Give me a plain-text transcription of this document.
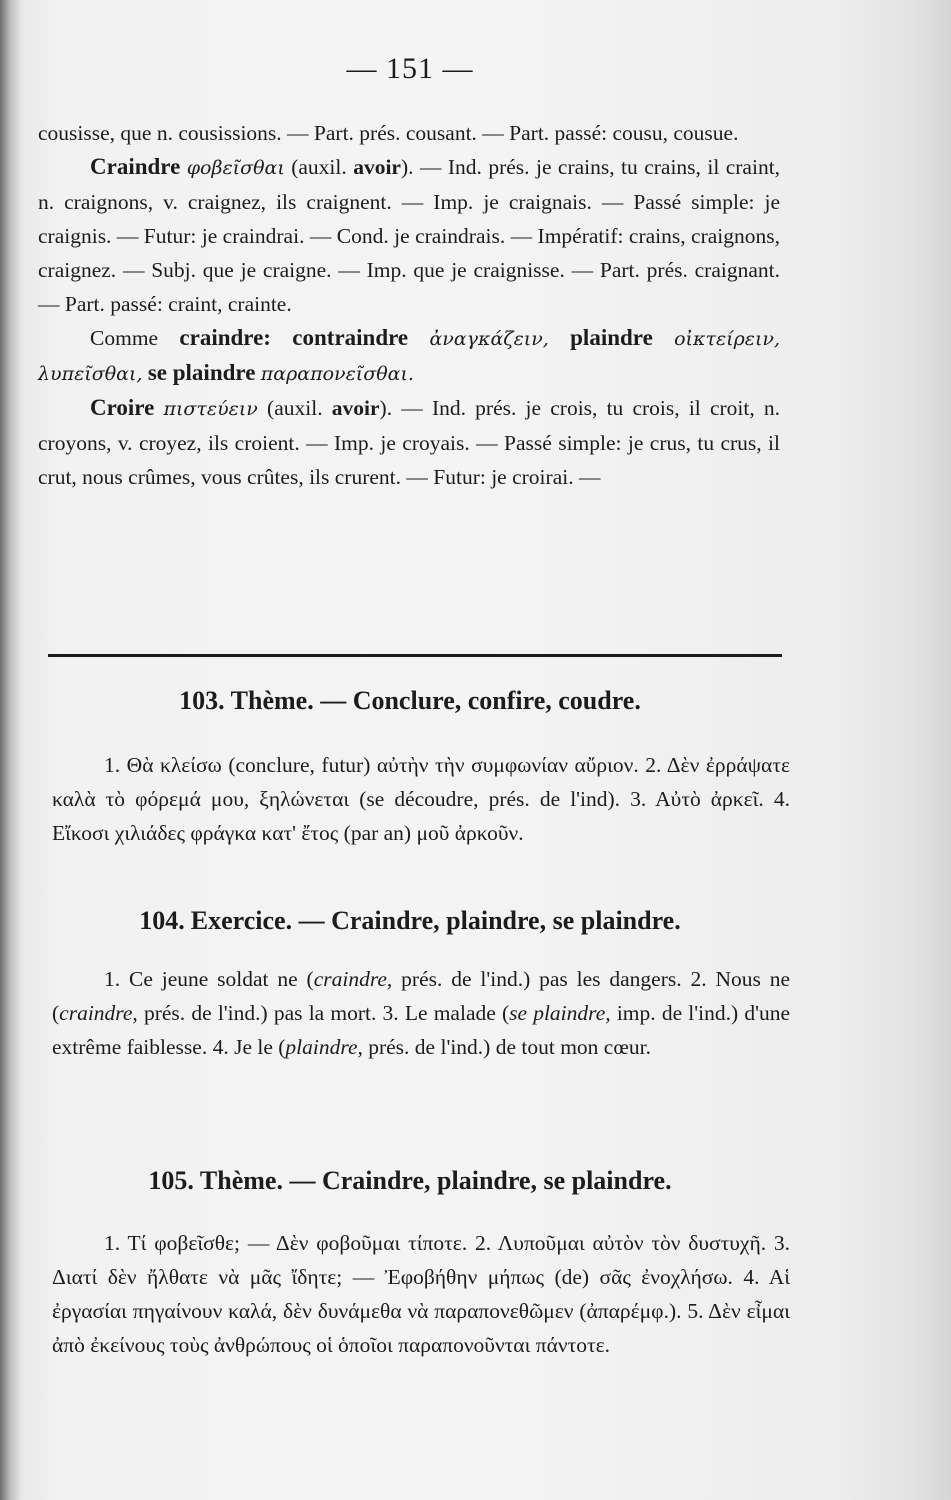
— 151 —

cousisse, que n. cousissions. — Part. prés. cousant. — Part. passé: cousu, cousue.

Craindre φοβεῖσθαι (auxil. avoir). — Ind. prés. je crains, tu crains, il craint, n. craignons, v. craignez, ils craignent. — Imp. je craignais. — Passé simple: je craignis. — Futur: je craindrai. — Cond. je craindrais. — Impératif: crains, craignons, craignez. — Subj. que je craigne. — Imp. que je craignisse. — Part. prés. craignant. — Part. passé: craint, crainte.

Comme craindre: contraindre ἀναγκάζειν, plaindre οἰκτείρειν, λυπεῖσθαι, se plaindre παραπονεῖσθαι.

Croire πιστεύειν (auxil. avoir). — Ind. prés. je crois, tu crois, il croit, n. croyons, v. croyez, ils croient. — Imp. je croyais. — Passé simple: je crus, tu crus, il crut, nous crûmes, vous crûtes, ils crurent. — Futur: je croirai. —

103. Thème. — Conclure, confire, coudre.

1. Θὰ κλείσω (conclure, futur) αὐτὴν τὴν συμφωνίαν αὔριον. 2. Δὲν ἐρράψατε καλὰ τὸ φόρεμά μου, ξηλώνεται (se découdre, prés. de l'ind). 3. Αὐτὸ ἀρκεῖ. 4. Εἴκοσι χιλιάδες φράγκα κατ' ἔτος (par an) μοῦ ἀρκοῦν.

104. Exercice. — Craindre, plaindre, se plaindre.

1. Ce jeune soldat ne (craindre, prés. de l'ind.) pas les dangers. 2. Nous ne (craindre, prés. de l'ind.) pas la mort. 3. Le malade (se plaindre, imp. de l'ind.) d'une extrême faiblesse. 4. Je le (plaindre, prés. de l'ind.) de tout mon cœur.

105. Thème. — Craindre, plaindre, se plaindre.

1. Τί φοβεῖσθε; — Δὲν φοβοῦμαι τίποτε. 2. Λυποῦμαι αὐτὸν τὸν δυστυχῆ. 3. Διατί δὲν ἤλθατε νὰ μᾶς ἴδητε; — Ἐφοβήθην μήπως (de) σᾶς ἐνοχλήσω. 4. Αἱ ἐργασίαι πηγαίνουν καλά, δὲν δυνάμεθα νὰ παραπονεθῶμεν (ἀπαρέμφ.). 5. Δὲν εἶμαι ἀπὸ ἐκείνους τοὺς ἀνθρώπους οἱ ὁποῖοι παραπονοῦνται πάντοτε.
